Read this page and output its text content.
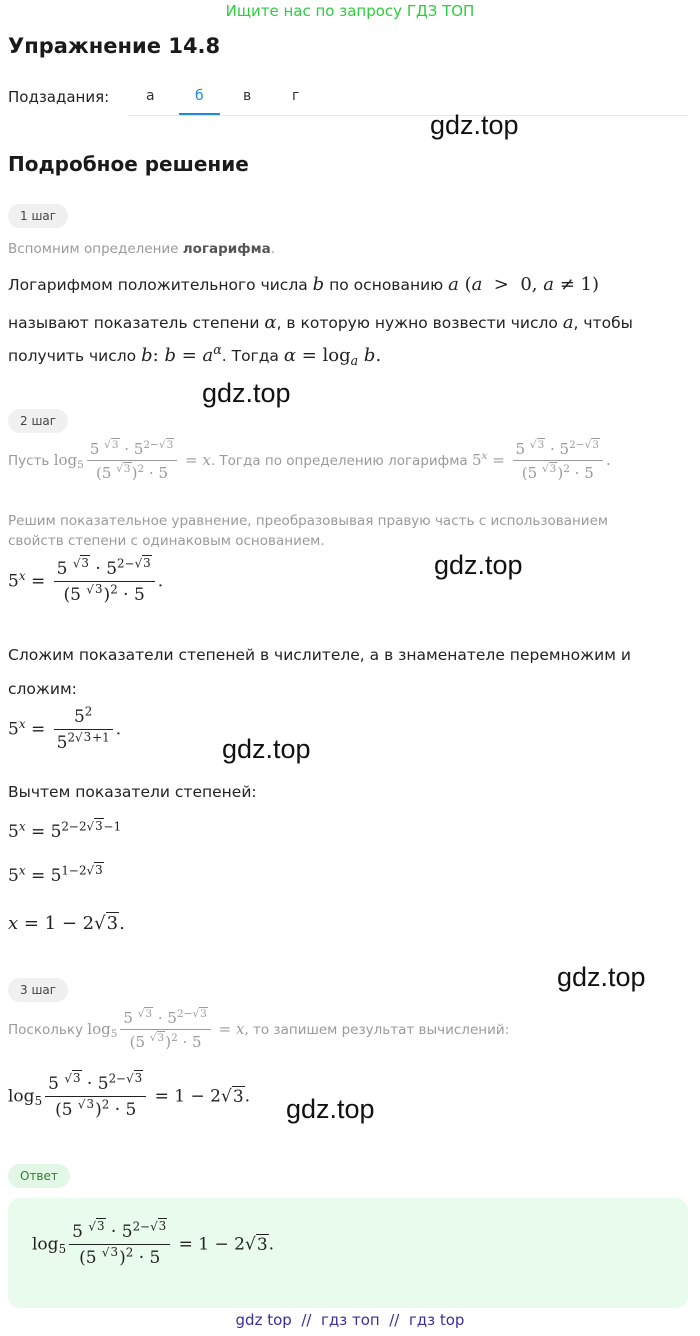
Ищите нас по запросу ГДЗ ТОП
Упражнение 14.8
Подзадания:	а	б	в	г
gdz.top
gdz.top
gdz.top
gdz.top
gdz.top
gdz.top
Подробное решение
1 шаг
Вспомним определение логарифма.
Логарифмом положительного числа b по основанию a (a  >  0, a ≠ 1)
называют показатель степени α, в которую нужно возвести число a, чтобы
получить число b: $b = a^\alpha$. Тогда $\alpha = \log_a b$.
2 шаг
Пусть $\log_5 \frac{5 ^{√3} \cdot 5^{2-√3}}{(5 ^{√3})^2 \cdot 5} = x$. Тогда по определению логарифма $5^x = \frac{5 ^{√3} \cdot 5^{2-√3}}{(5 ^{√3})^2 \cdot 5}$ .
Решим показательное уравнение, преобразовывая правую часть с использованием свойств степени с одинаковым основанием.
$5^x = \frac{5 ^{√3} \cdot 5^{2-√3}}{(5 ^{√3})^2 \cdot 5}$ .
Сложим показатели степеней в числителе, а в знаменателе перемножим и сложим:
$5^x = \frac{5^2}{5^{2√3+1}}$ .
Вычтем показатели степеней:
$5^x = 5^{2-2√3-1}$
$5^x = 5^{1-2√3}$
x = 1 − 2√3.
3 шаг
Поскольку $\log_5 \frac{5 ^{√3} \cdot 5^{2-√3}}{(5 ^{√3})^2 \cdot 5} = x$, то запишем результат вычислений:
$\log_5 \frac{5 ^{√3} \cdot 5^{2-√3}}{(5 ^{√3})^2 \cdot 5} = 1 - 2√3$.
Ответ
$\log_5 \frac{5 ^{√3} \cdot 5^{2-√3}}{(5 ^{√3})^2 \cdot 5} = 1 - 2√3$.
gdz top  //  гдз топ  //  гдз top
